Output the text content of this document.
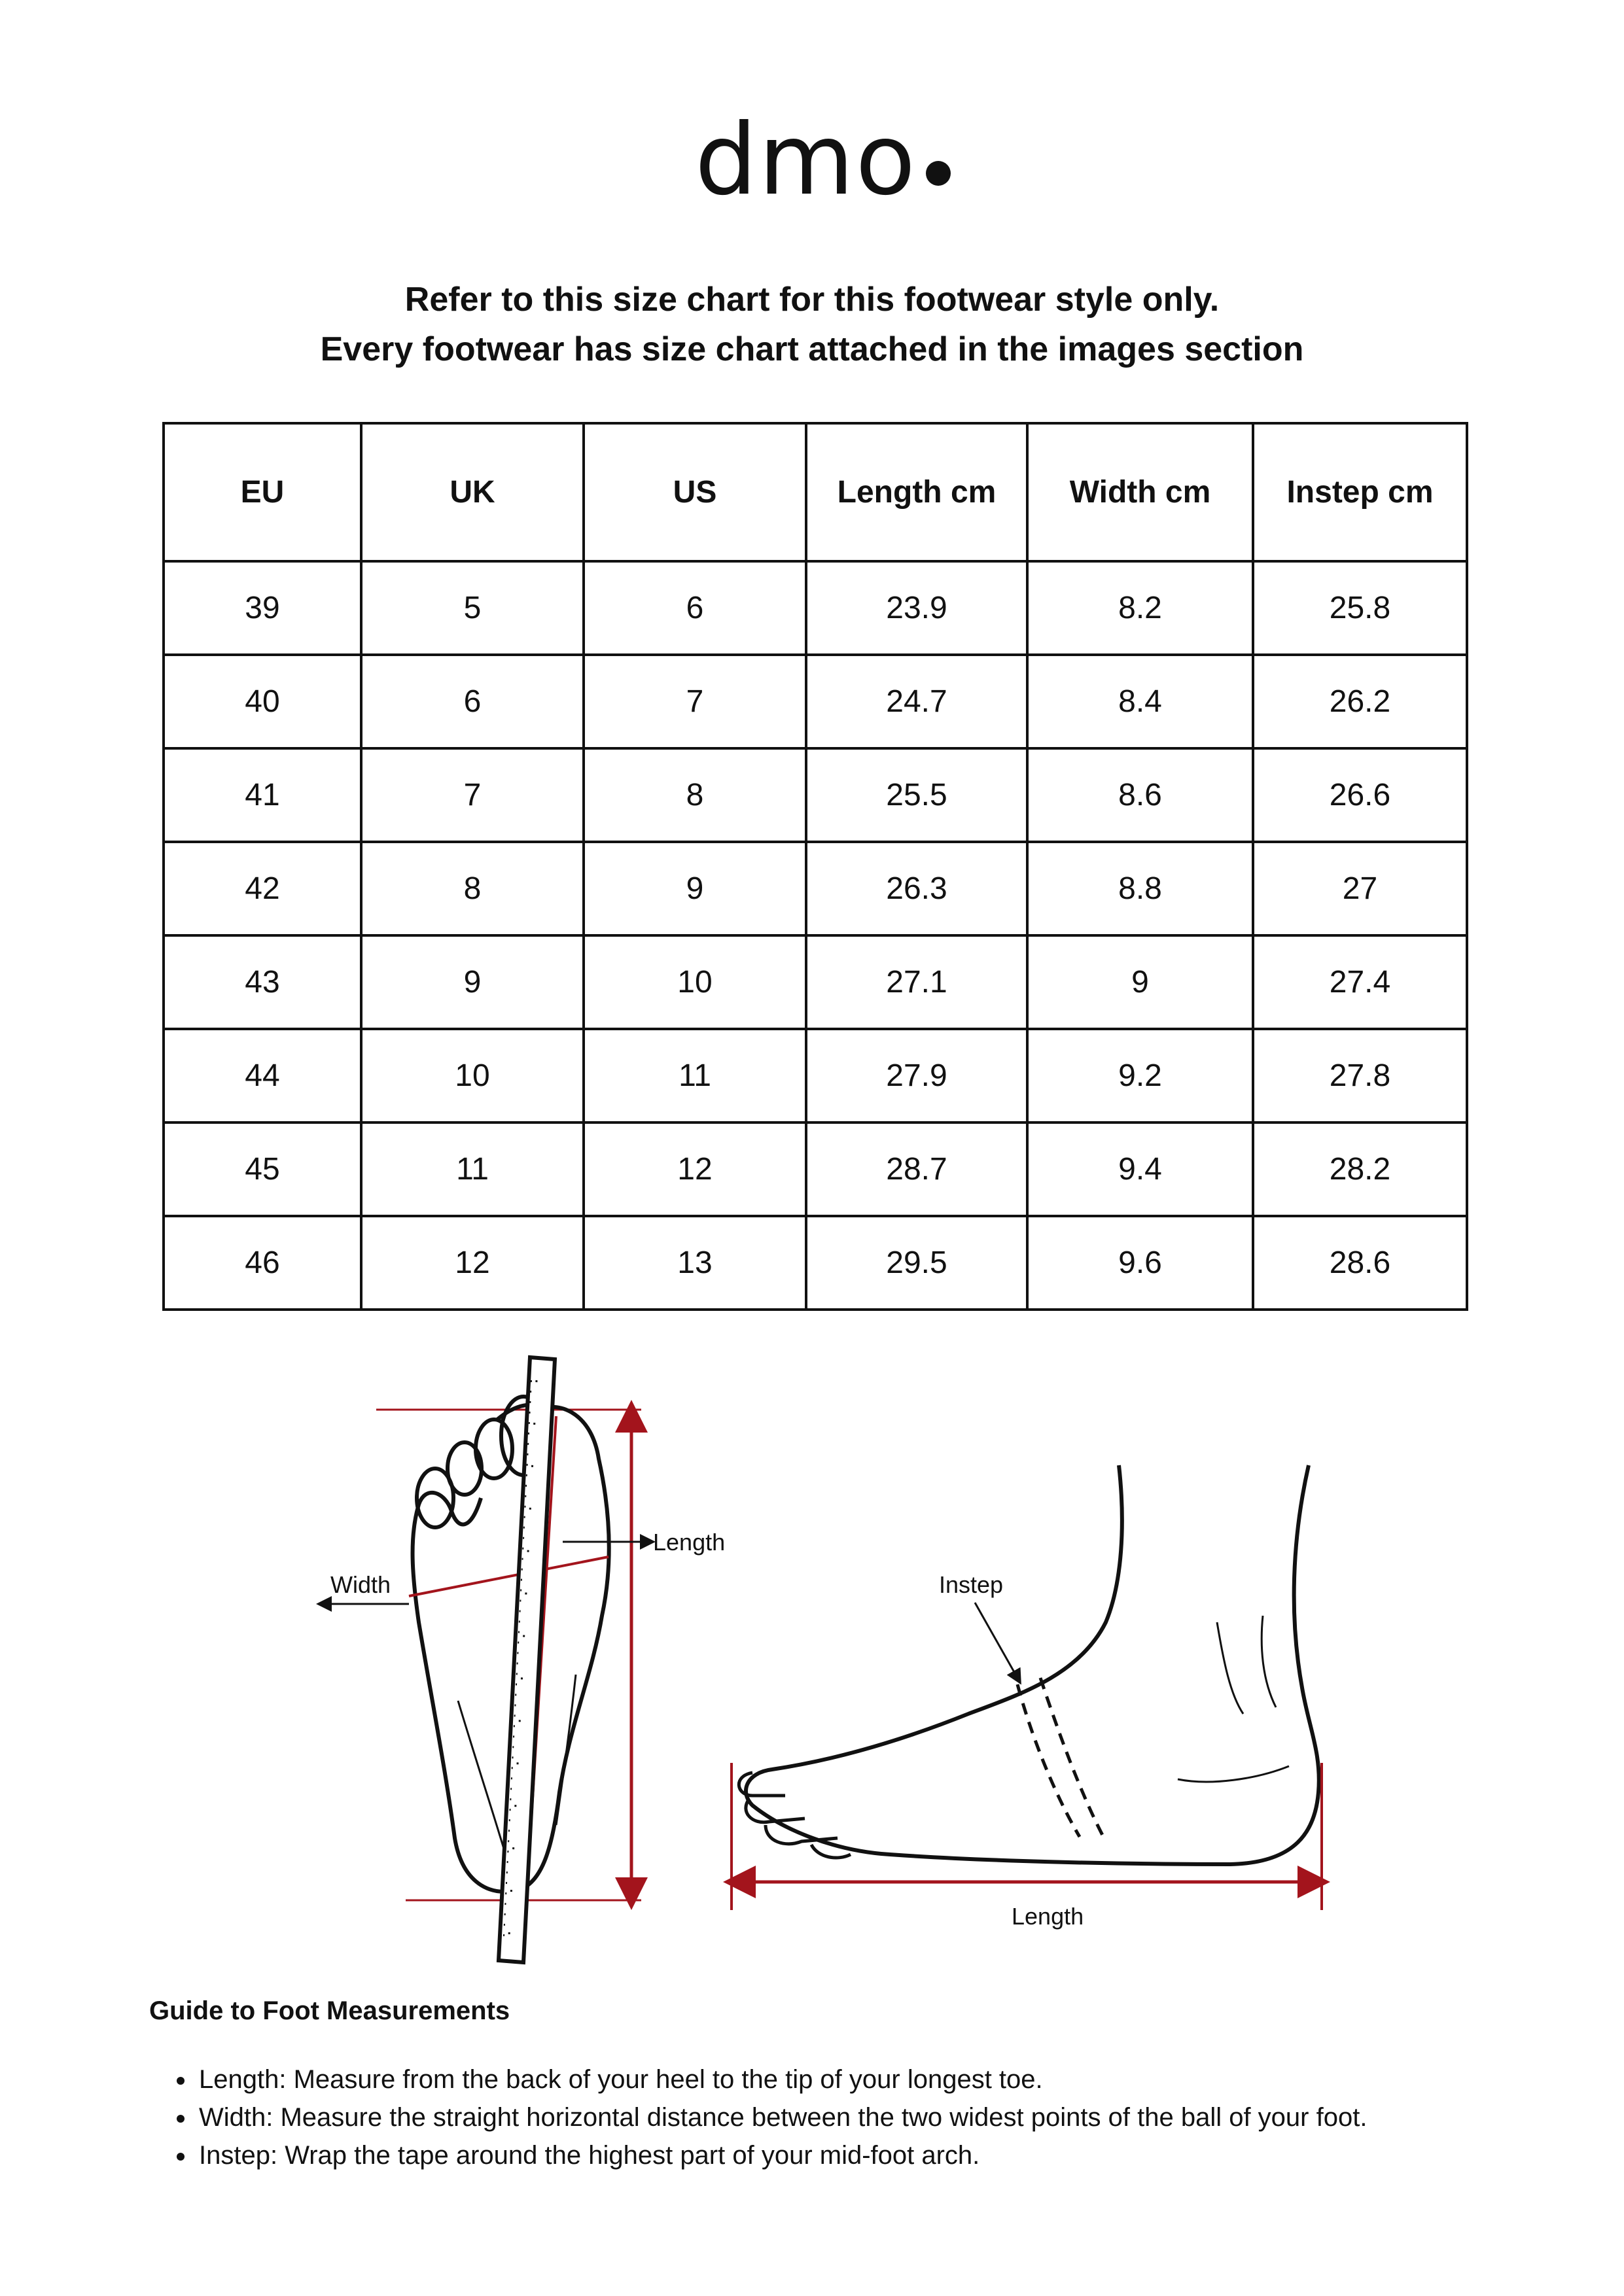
dmo
Refer to this size chart for this footwear style only.
Every footwear has size chart attached in the images section
EU	UK	US	Length cm	Width cm	Instep cm
39	5	6	23.9	8.2	25.8
40	6	7	24.7	8.4	26.2
41	7	8	25.5	8.6	26.6
42	8	9	26.3	8.8	27
43	9	10	27.1	9	27.4
44	10	11	27.9	9.2	27.8
45	11	12	28.7	9.4	28.2
46	12	13	29.5	9.6	28.6
Length
Width	Instep
Length
Guide to Foot Measurements
• Length: Measure from the back of your heel to the tip of your longest toe.
• Width: Measure the straight horizontal distance between the two widest points of the ball of your foot.
• Instep: Wrap the tape around the highest part of your mid-foot arch.
